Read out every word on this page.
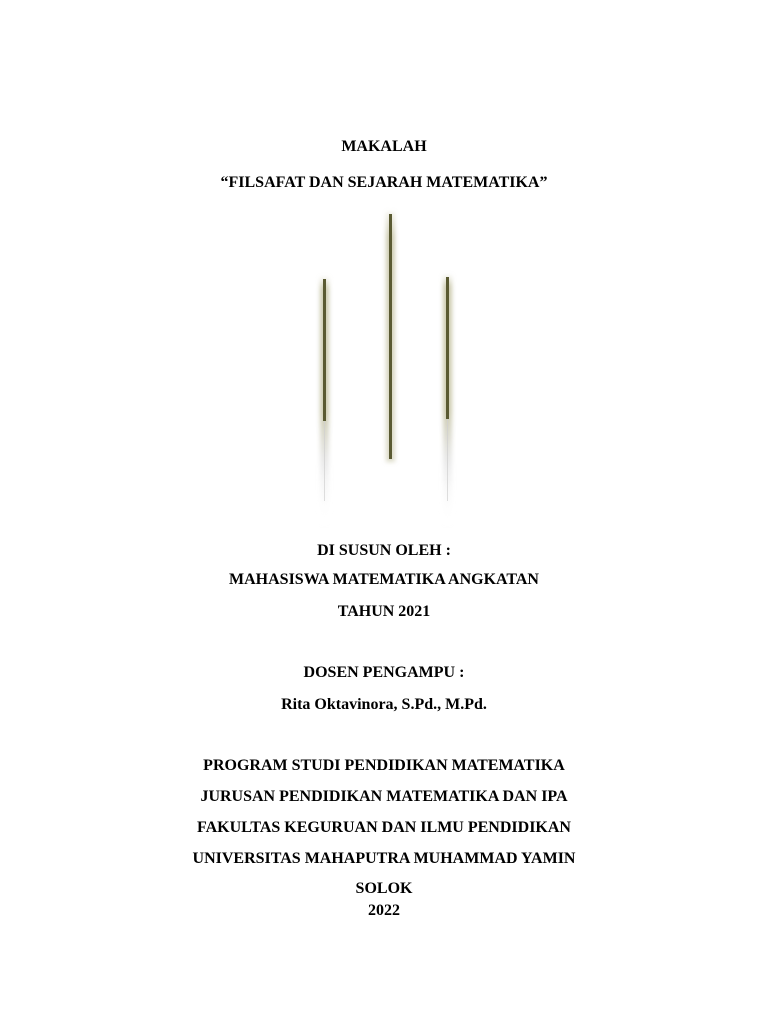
MAKALAH
“FILSAFAT DAN SEJARAH MATEMATIKA”
DI SUSUN OLEH :
MAHASISWA MATEMATIKA ANGKATAN
TAHUN 2021
DOSEN PENGAMPU :
Rita Oktavinora, S.Pd., M.Pd.
PROGRAM STUDI PENDIDIKAN MATEMATIKA
JURUSAN PENDIDIKAN MATEMATIKA DAN IPA
FAKULTAS KEGURUAN DAN ILMU PENDIDIKAN
UNIVERSITAS MAHAPUTRA MUHAMMAD YAMIN
SOLOK
2022
